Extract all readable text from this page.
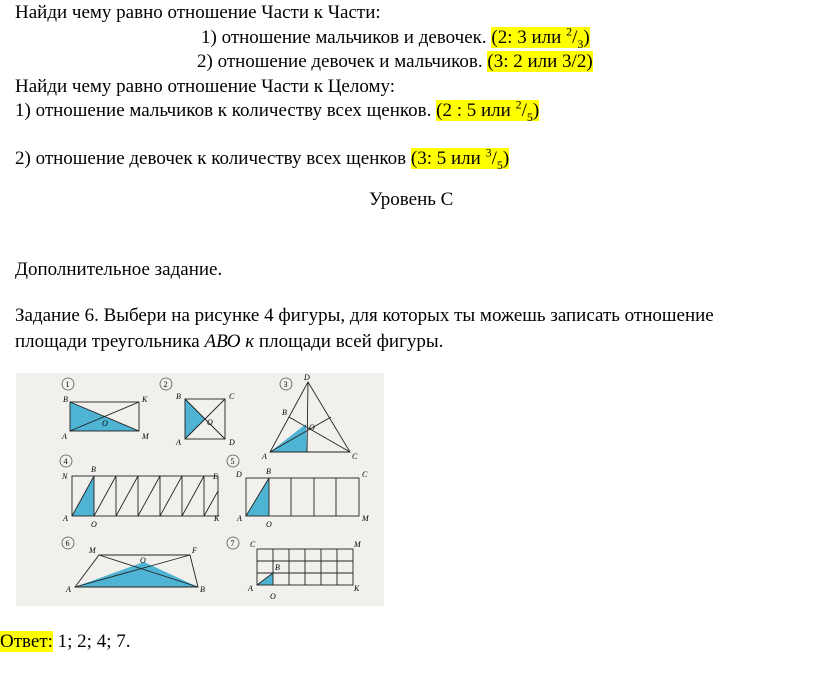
Найди чему равно отношение Части к Части:
1) отношение мальчиков и девочек. (2: 3 или $^2/_3$)
2) отношение девочек и мальчиков. (3: 2 или 3/2)
Найди чему равно отношение Части к Целому:
1) отношение мальчиков к количеству всех щенков. (2 : 5 или $^2/_5$)
2) отношение девочек к количеству всех щенков (3: 5 или $^3/_5$)
Уровень С
Дополнительное задание.
Задание 6. Выбери на рисунке 4 фигуры, для которых ты можешь записать отношение
площади треугольника АВО к площади всей фигуры.
1
B	K
O
A	M
2
B	C
O
A	D
3
D
B
O
A	C
4
N
B
E
A
O
K
5
D	B	C
A
O
M
6
M	F
O
A	B
7 C	M
B
A
O
K
Ответ: 1; 2; 4; 7.
